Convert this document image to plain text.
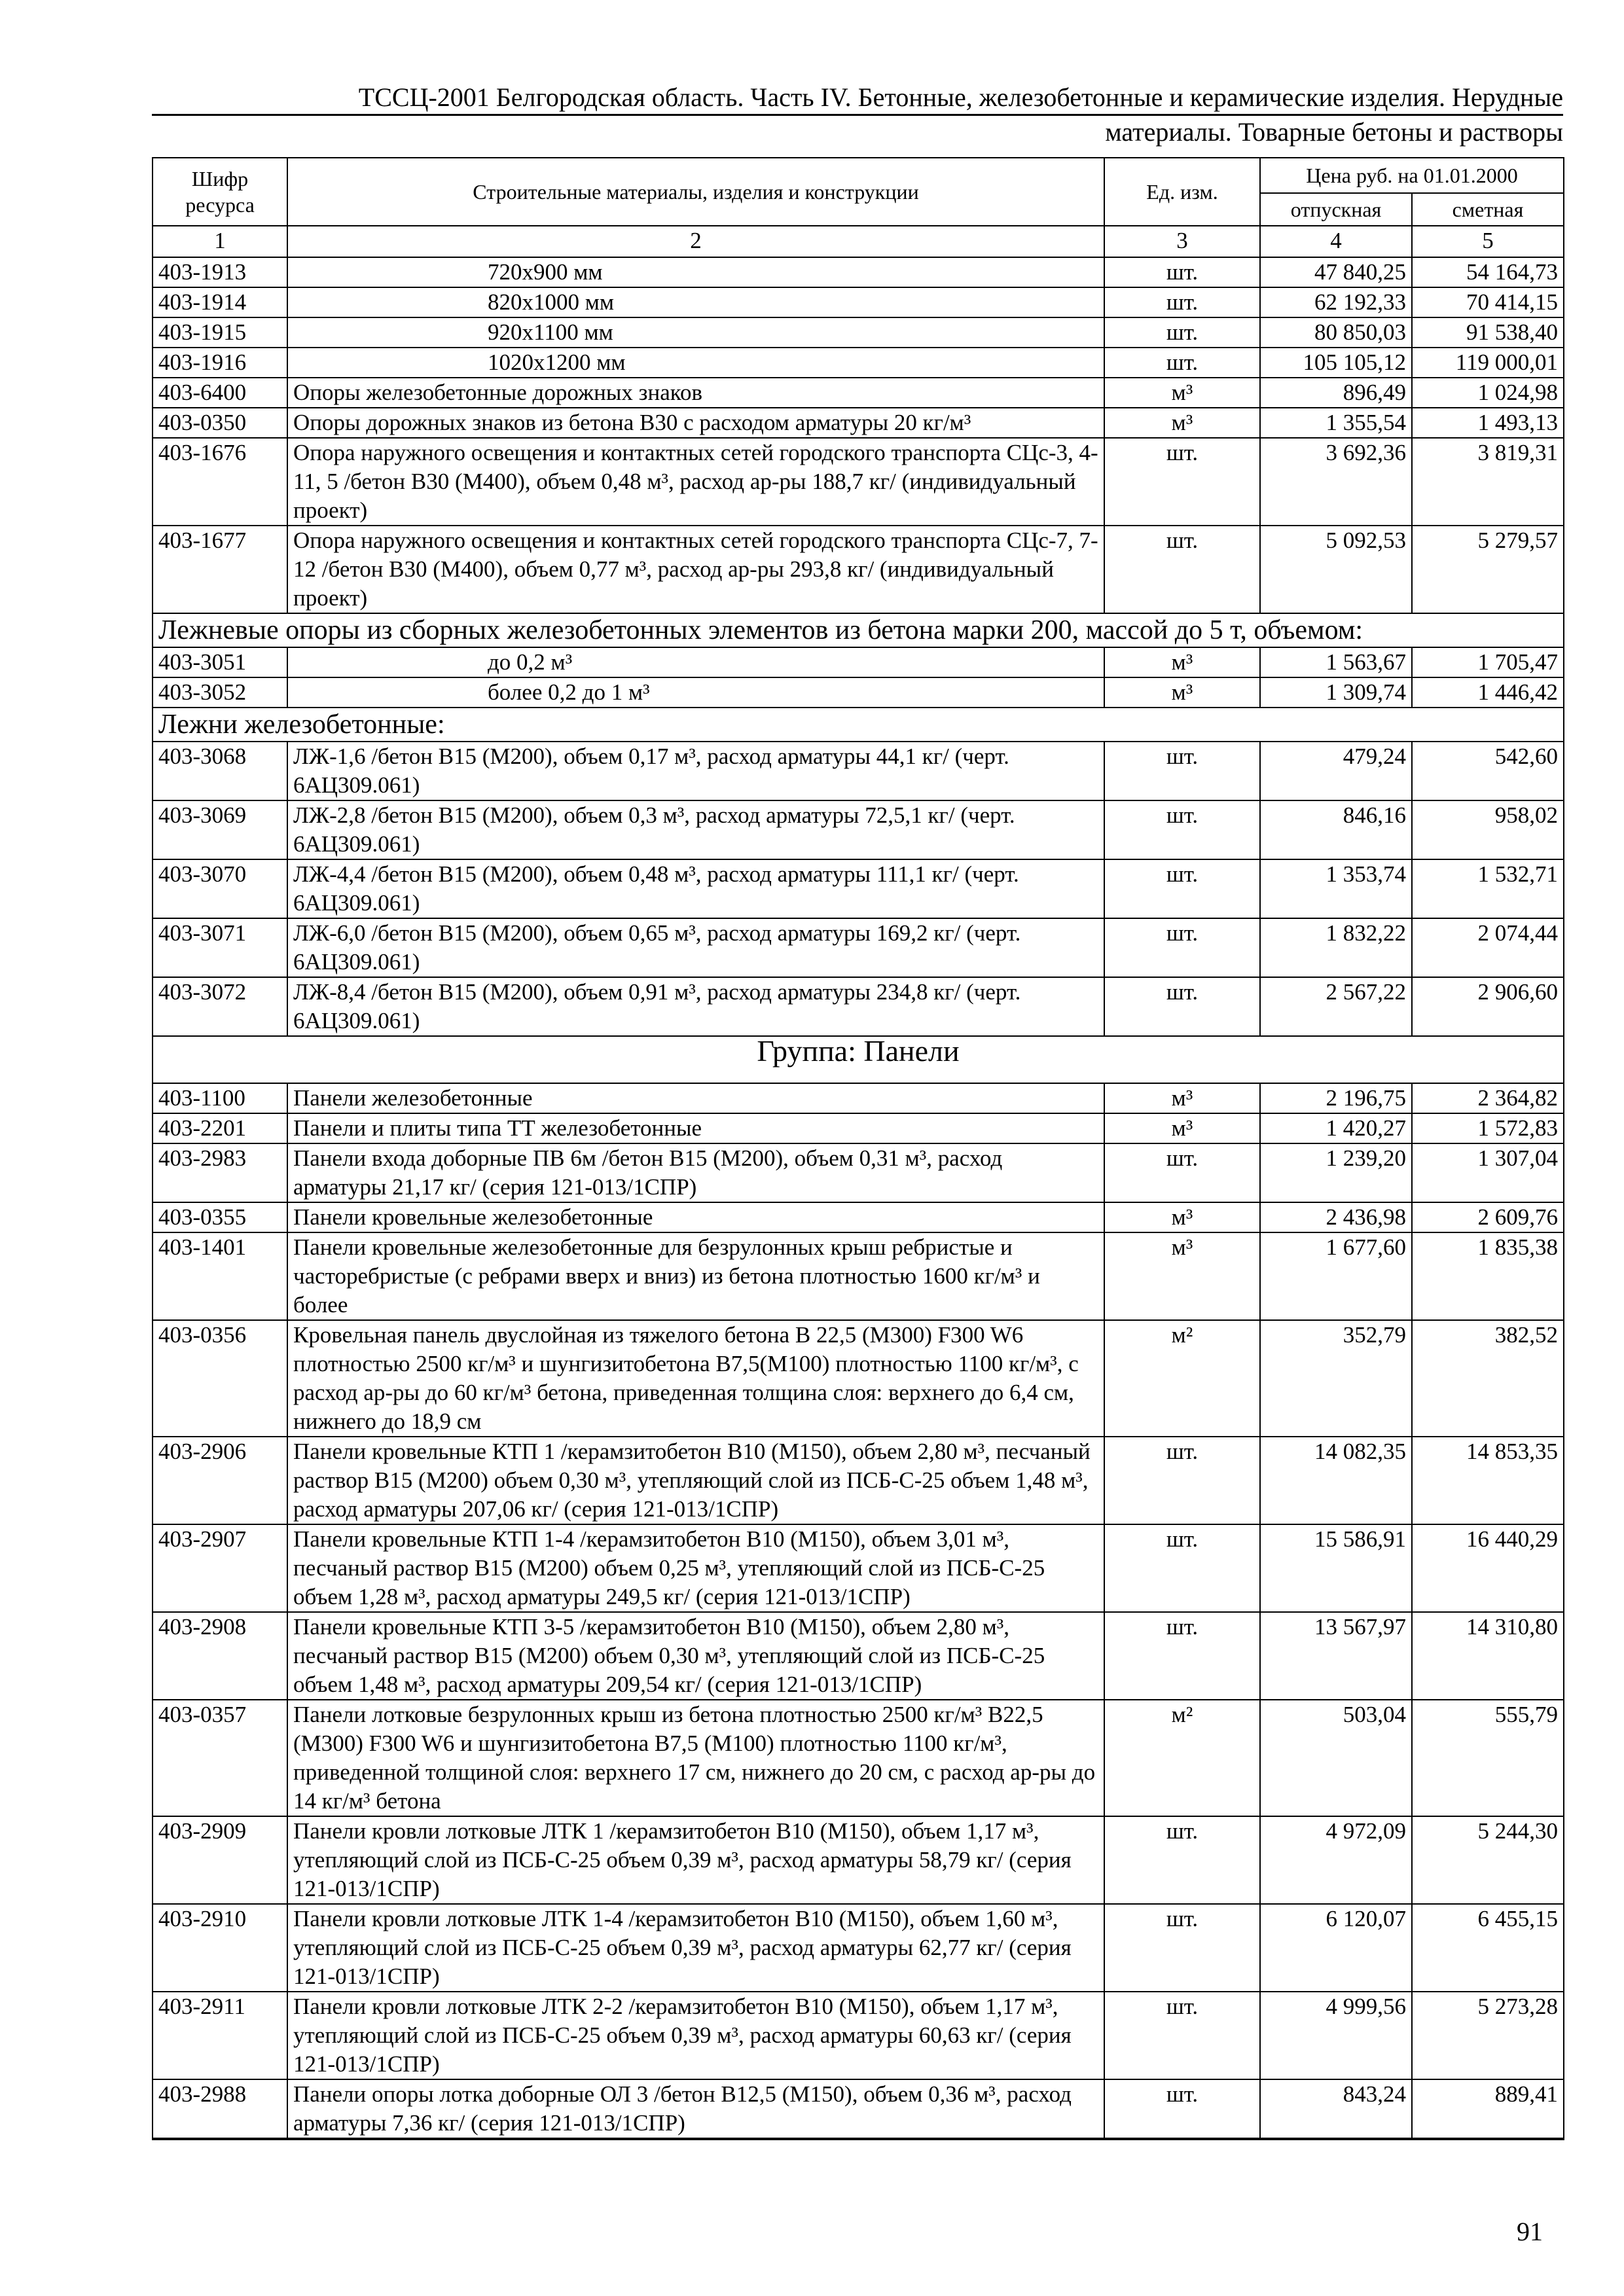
ТССЦ-2001 Белгородская область. Часть IV. Бетонные, железобетонные и керамические изделия. Нерудные
материалы. Товарные бетоны и растворы
Шифр ресурса	Строительные материалы, изделия и конструкции	Ед. изм.	Цена руб. на 01.01.2000	
			отпускная	сметная
1	2	3	4	5
403-1913	720х900 мм	шт.	47 840,25	54 164,73
403-1914	820х1000 мм	шт.	62 192,33	70 414,15
403-1915	920х1100 мм	шт.	80 850,03	91 538,40
403-1916	1020х1200 мм	шт.	105 105,12	119 000,01
403-6400	Опоры железобетонные дорожных знаков	м³	896,49	1 024,98
403-0350	Опоры дорожных знаков из бетона В30 с расходом арматуры 20 кг/м³	м³	1 355,54	1 493,13
403-1676	Опора наружного освещения и контактных сетей городского транспорта СЦс-3, 4-11, 5 /бетон В30 (М400), объем 0,48 м³, расход ар-ры 188,7 кг/ (индивидуальный проект)	шт.	3 692,36	3 819,31
403-1677	Опора наружного освещения и контактных сетей городского транспорта СЦс-7, 7-12 /бетон В30 (М400), объем 0,77 м³, расход ар-ры 293,8 кг/ (индивидуальный проект)	шт.	5 092,53	5 279,57
Лежневые опоры из сборных железобетонных элементов из бетона марки 200, массой до 5 т, объемом:				
403-3051	до 0,2 м³	м³	1 563,67	1 705,47
403-3052	более 0,2 до 1 м³	м³	1 309,74	1 446,42
Лежни железобетонные:				
403-3068	ЛЖ-1,6 /бетон В15 (М200), объем 0,17 м³, расход арматуры 44,1 кг/ (черт. 6АЦ309.061)	шт.	479,24	542,60
403-3069	ЛЖ-2,8 /бетон В15 (М200), объем 0,3 м³, расход арматуры 72,5,1 кг/ (черт. 6АЦ309.061)	шт.	846,16	958,02
403-3070	ЛЖ-4,4 /бетон В15 (М200), объем 0,48 м³, расход арматуры 111,1 кг/ (черт. 6АЦ309.061)	шт.	1 353,74	1 532,71
403-3071	ЛЖ-6,0 /бетон В15 (М200), объем 0,65 м³, расход арматуры 169,2 кг/ (черт. 6АЦ309.061)	шт.	1 832,22	2 074,44
403-3072	ЛЖ-8,4 /бетон В15 (М200), объем 0,91 м³, расход арматуры 234,8 кг/ (черт. 6АЦ309.061)	шт.	2 567,22	2 906,60
Группа: Панели				
403-1100	Панели железобетонные	м³	2 196,75	2 364,82
403-2201	Панели и плиты типа ТТ железобетонные	м³	1 420,27	1 572,83
403-2983	Панели входа доборные ПВ 6м /бетон В15 (М200), объем 0,31 м³, расход арматуры 21,17 кг/ (серия 121-013/1СПР)	шт.	1 239,20	1 307,04
403-0355	Панели кровельные железобетонные	м³	2 436,98	2 609,76
403-1401	Панели кровельные железобетонные для безрулонных крыш ребристые и часторебристые (с ребрами вверх и вниз) из бетона плотностью 1600 кг/м³ и более	м³	1 677,60	1 835,38
403-0356	Кровельная панель двуслойная из тяжелого бетона В 22,5 (М300) F300 W6 плотностью 2500 кг/м³ и шунгизитобетона В7,5(М100) плотностью 1100 кг/м³, с расход ар-ры до 60 кг/м³ бетона, приведенная толщина слоя: верхнего до 6,4 см, нижнего до 18,9 см	м²	352,79	382,52
403-2906	Панели кровельные КТП 1 /керамзитобетон В10 (М150), объем 2,80 м³, песчаный раствор В15 (М200) объем 0,30 м³, утепляющий слой из ПСБ-С-25 объем 1,48 м³, расход арматуры 207,06 кг/ (серия 121-013/1СПР)	шт.	14 082,35	14 853,35
403-2907	Панели кровельные КТП 1-4 /керамзитобетон В10 (М150), объем 3,01 м³, песчаный раствор В15 (М200) объем 0,25 м³, утепляющий слой из ПСБ-С-25 объем 1,28 м³, расход арматуры 249,5 кг/ (серия 121-013/1СПР)	шт.	15 586,91	16 440,29
403-2908	Панели кровельные КТП 3-5 /керамзитобетон В10 (М150), объем 2,80 м³, песчаный раствор В15 (М200) объем 0,30 м³, утепляющий слой из ПСБ-С-25 объем 1,48 м³, расход арматуры 209,54 кг/ (серия 121-013/1СПР)	шт.	13 567,97	14 310,80
403-0357	Панели лотковые безрулонных крыш из бетона плотностью 2500 кг/м³ В22,5 (М300) F300 W6 и шунгизитобетона В7,5 (М100) плотностью 1100 кг/м³, приведенной толщиной слоя: верхнего 17 см, нижнего до 20 см, с расход ар-ры до 14 кг/м³ бетона	м²	503,04	555,79
403-2909	Панели кровли лотковые ЛТК 1 /керамзитобетон В10 (М150), объем 1,17 м³, утепляющий слой из ПСБ-С-25 объем 0,39 м³, расход арматуры 58,79 кг/ (серия 121-013/1СПР)	шт.	4 972,09	5 244,30
403-2910	Панели кровли лотковые ЛТК 1-4 /керамзитобетон В10 (М150), объем 1,60 м³, утепляющий слой из ПСБ-С-25 объем 0,39 м³, расход арматуры 62,77 кг/ (серия 121-013/1СПР)	шт.	6 120,07	6 455,15
403-2911	Панели кровли лотковые ЛТК 2-2 /керамзитобетон В10 (М150), объем 1,17 м³, утепляющий слой из ПСБ-С-25 объем 0,39 м³, расход арматуры 60,63 кг/ (серия 121-013/1СПР)	шт.	4 999,56	5 273,28
403-2988	Панели опоры лотка доборные ОЛ 3 /бетон В12,5 (М150), объем 0,36 м³, расход арматуры 7,36 кг/ (серия 121-013/1СПР)	шт.	843,24	889,41

91
